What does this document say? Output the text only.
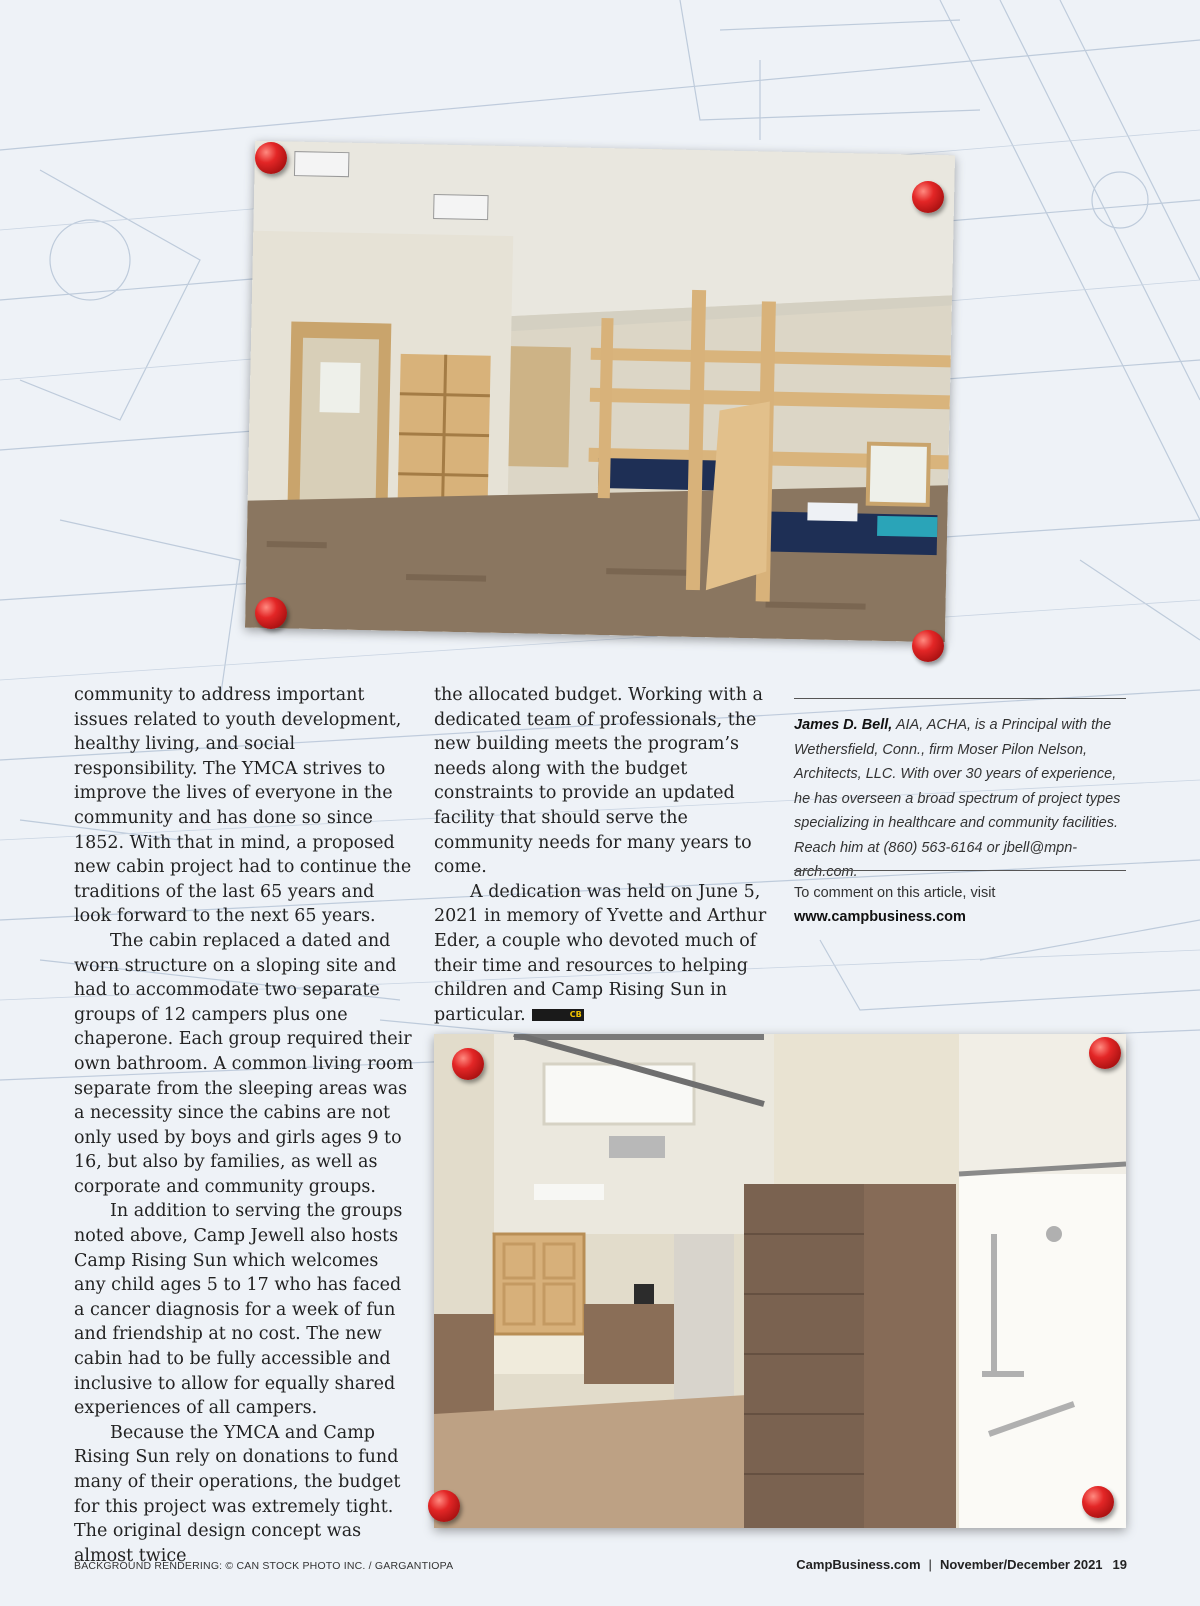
community to address important issues related to youth development, healthy living, and social responsibility. The YMCA strives to improve the lives of everyone in the community and has done so since 1852. With that in mind, a proposed new cabin project had to continue the traditions of the last 65 years and look forward to the next 65 years.

The cabin replaced a dated and worn structure on a sloping site and had to accommodate two separate groups of 12 campers plus one chaperone. Each group required their own bathroom. A common living room separate from the sleeping areas was a necessity since the cabins are not only used by boys and girls ages 9 to 16, but also by families, as well as corporate and community groups.

In addition to serving the groups noted above, Camp Jewell also hosts Camp Rising Sun which welcomes any child ages 5 to 17 who has faced a cancer diagnosis for a week of fun and friendship at no cost. The new cabin had to be fully accessible and inclusive to allow for equally shared experiences of all campers.

Because the YMCA and Camp Rising Sun rely on donations to fund many of their operations, the budget for this project was extremely tight. The original design concept was almost twice

the allocated budget. Working with a dedicated team of professionals, the new building meets the program’s needs along with the budget constraints to provide an updated facility that should serve the community needs for many years to come.

A dedication was held on June 5, 2021 in memory of Yvette and Arthur Eder, a couple who devoted much of their time and resources to helping children and Camp Rising Sun in particular.	CB

James D. Bell, AIA, ACHA, is a Principal with the Wethersfield, Conn., firm Moser Pilon Nelson, Architects, LLC. With over 30 years of experience, he has overseen a broad spectrum of project types specializing in healthcare and community facilities. Reach him at (860) 563-6164 or jbell@mpn-arch.com.
To comment on this article, visit
www.campbusiness.com
BACKGROUND RENDERING: © CAN STOCK PHOTO INC. / GARGANTIOPA	CampBusiness.com | November/December 2021 19
